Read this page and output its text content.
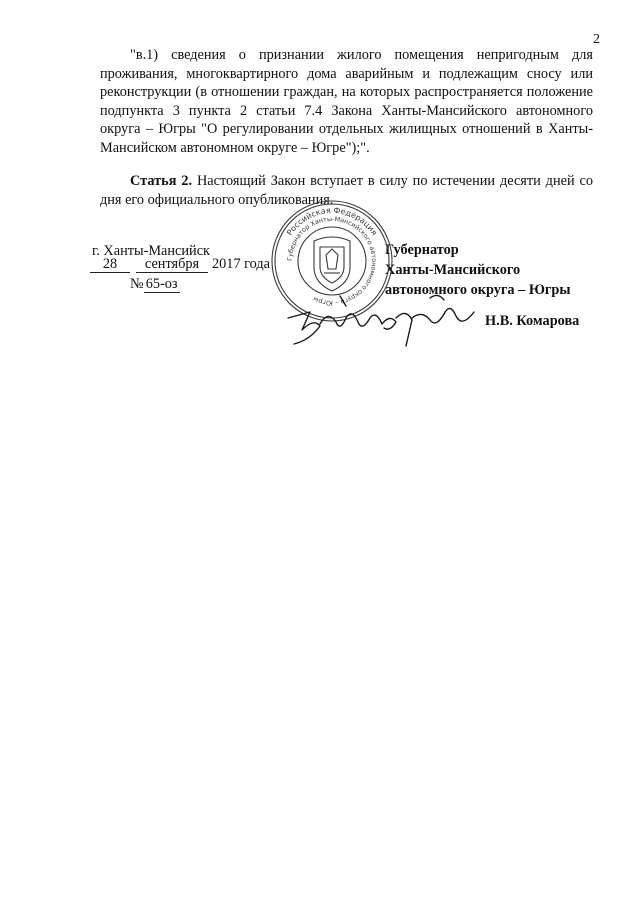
2

"в.1) сведения о признании жилого помещения непригодным для проживания, многоквартирного дома аварийным и подлежащим сносу или реконструкции (в отношении граждан, на которых распространяется положение подпункта 3 пункта 2 статьи 7.4 Закона Ханты-Мансийского автономного округа – Югры "О регулировании отдельных жилищных отношений в Ханты-Мансийском автономном округе – Югре");".

Статья 2. Настоящий Закон вступает в силу по истечении десяти дней со дня его официального опубликования.

г. Ханты-Мансийск
28 сентября 2017 года
№ 65-оз
Губернатор
Ханты-Мансийского
автономного округа – Югры
Н.В. Комарова
Российская Федерация
Губернатор Ханты-Мансийского автономного округа – Югры
